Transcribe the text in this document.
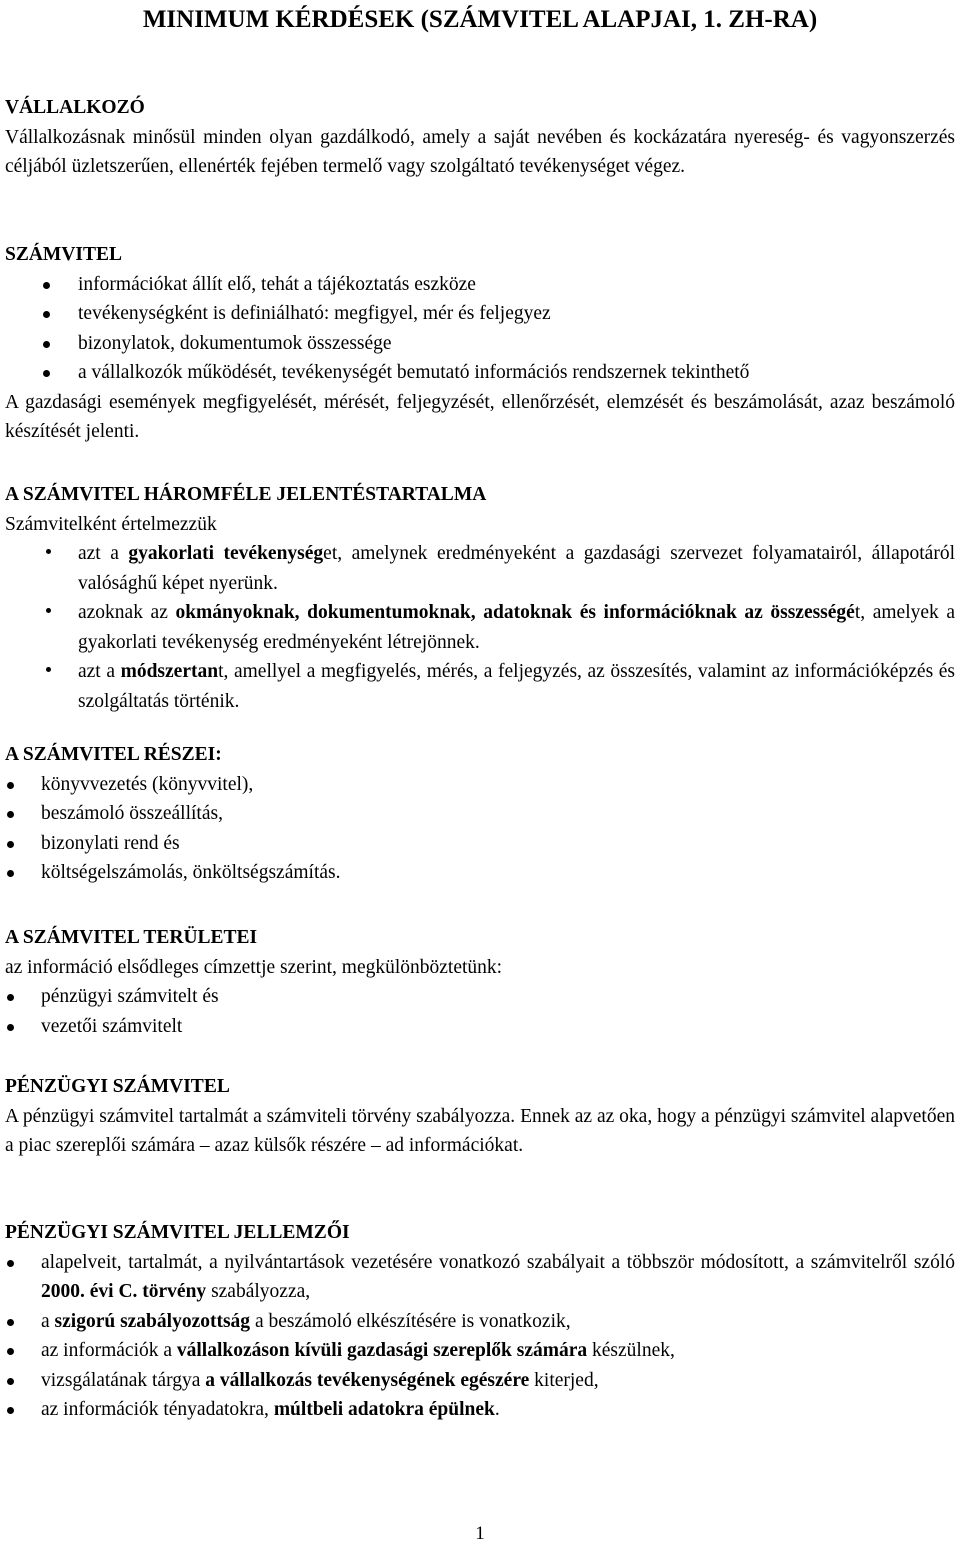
MINIMUM KÉRDÉSEK (SZÁMVITEL ALAPJAI, 1. ZH-RA)

VÁLLALKOZÓ

Vállalkozásnak minősül minden olyan gazdálkodó, amely a saját nevében és kockázatára nyereség- és vagyonszerzés céljából üzletszerűen, ellenérték fejében termelő vagy szolgáltató tevékenységet végez.

SZÁMVITEL

információkat állít elő, tehát a tájékoztatás eszköze
tevékenységként is definiálható: megfigyel, mér és feljegyez
bizonylatok, dokumentumok összessége
a vállalkozók működését, tevékenységét bemutató információs rendszernek tekinthető

A gazdasági események megfigyelését, mérését, feljegyzését, ellenőrzését, elemzését és beszámolását, azaz beszámoló készítését jelenti.

A SZÁMVITEL HÁROMFÉLE JELENTÉSTARTALMA

Számvitelként értelmezzük

azt a gyakorlati tevékenységet, amelynek eredményeként a gazdasági szervezet folyamatairól, állapotáról valósághű képet nyerünk.
azoknak az okmányoknak, dokumentumoknak, adatoknak és információknak az összességét, amelyek a gyakorlati tevékenység eredményeként létrejönnek.
azt a módszertant, amellyel a megfigyelés, mérés, a feljegyzés, az összesítés, valamint az információképzés és szolgáltatás történik.

A SZÁMVITEL RÉSZEI:

könyvvezetés (könyvvitel),
beszámoló összeállítás,
bizonylati rend és
költségelszámolás, önköltségszámítás.

A SZÁMVITEL TERÜLETEI

az információ elsődleges címzettje szerint, megkülönböztetünk:

pénzügyi számvitelt és
vezetői számvitelt

PÉNZÜGYI SZÁMVITEL

A pénzügyi számvitel tartalmát a számviteli törvény szabályozza. Ennek az az oka, hogy a pénzügyi számvitel alapvetően a piac szereplői számára – azaz külsők részére – ad információkat.

PÉNZÜGYI SZÁMVITEL JELLEMZŐI

alapelveit, tartalmát, a nyilvántartások vezetésére vonatkozó szabályait a többször módosított, a számvitelről szóló 2000. évi C. törvény szabályozza,
a szigorú szabályozottság a beszámoló elkészítésére is vonatkozik,
az információk a vállalkozáson kívüli gazdasági szereplők számára készülnek,
vizsgálatának tárgya a vállalkozás tevékenységének egészére kiterjed,
az információk tényadatokra, múltbeli adatokra épülnek.
1
